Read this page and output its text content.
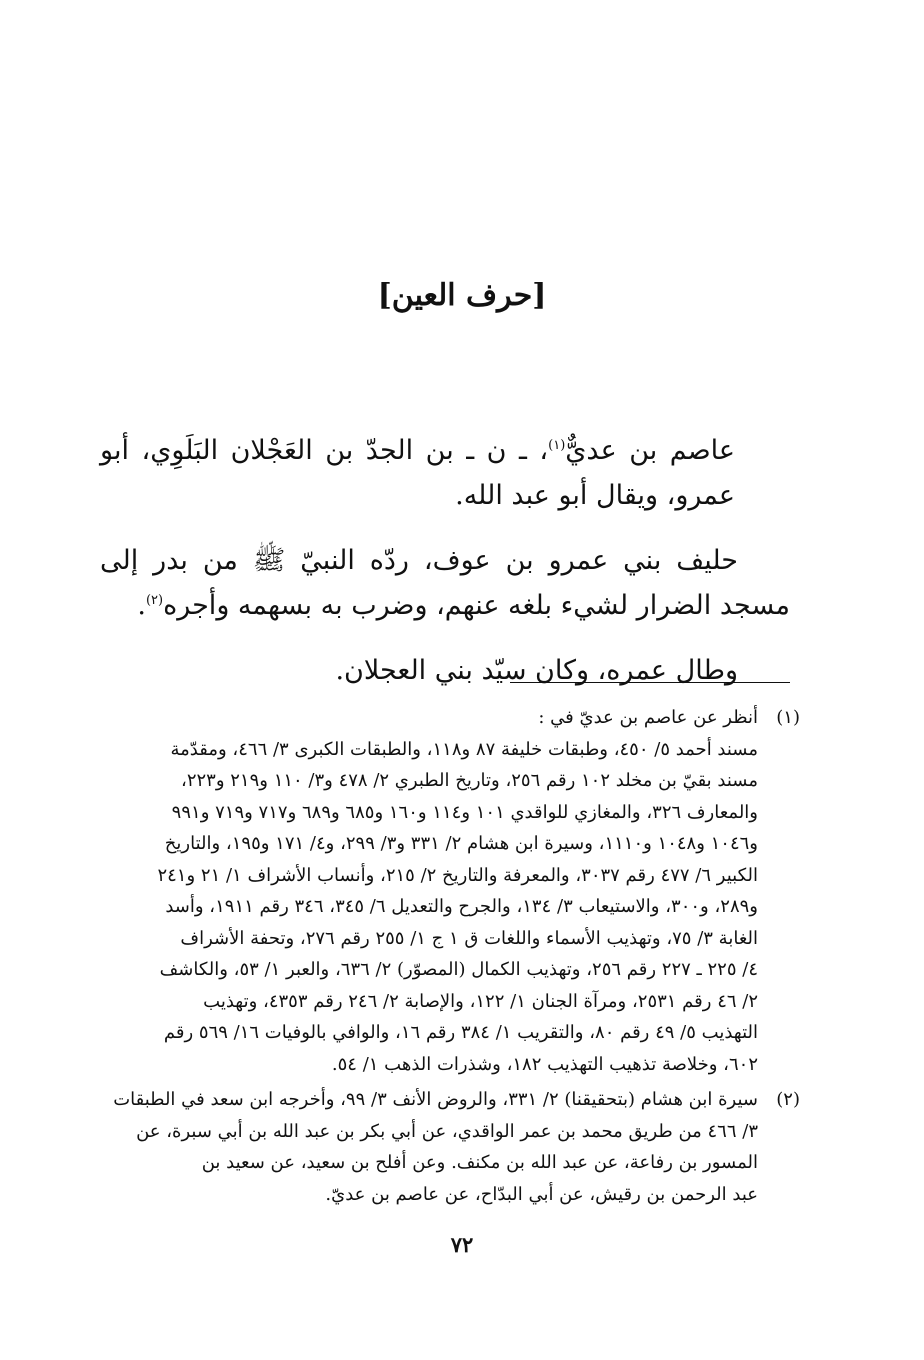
[حرف العين]

عاصم بن عديٌّ$^{(١)}$، ـ ن ـ بن الجدّ بن العَجْلان البَلَوِي، أبو عمرو، ويقال أبو عبد الله.

حليف بني عمرو بن عوف، ردّه النبيّ ﷺ من بدر إلى مسجد الضرار لشيء بلغه عنهم، وضرب به بسهمه وأجره$^{(٢)}$.

وطال عمره، وكان سيّد بني العجلان.

(١)
أنظر عن عاصم بن عديّ في :
مسند أحمد ٥/ ٤٥٠، وطبقات خليفة ٨٧ و١١٨، والطبقات الكبرى ٣/ ٤٦٦، ومقدّمة
مسند بقيّ بن مخلد ١٠٢ رقم ٢٥٦، وتاريخ الطبري ٢/ ٤٧٨ و٣/ ١١٠ و٢١٩ و٢٢٣،
والمعارف ٣٢٦، والمغازي للواقدي ١٠١ و١١٤ و١٦٠ و٦٨٥ و٦٨٩ و٧١٧ و٧١٩ و٩٩١
و١٠٤٦ و١٠٤٨ و١١١٠، وسيرة ابن هشام ٢/ ٣٣١ و٣/ ٢٩٩، و٤/ ١٧١ و١٩٥، والتاريخ
الكبير ٦/ ٤٧٧ رقم ٣٠٣٧، والمعرفة والتاريخ ٢/ ٢١٥، وأنساب الأشراف ١/ ٢١ و٢٤١
و٢٨٩، و٣٠٠، والاستيعاب ٣/ ١٣٤، والجرح والتعديل ٦/ ٣٤٥، ٣٤٦ رقم ١٩١١، وأسد
الغابة ٣/ ٧٥، وتهذيب الأسماء واللغات ق ١ ج ١/ ٢٥٥ رقم ٢٧٦، وتحفة الأشراف
٤/ ٢٢٥ ـ ٢٢٧ رقم ٢٥٦، وتهذيب الكمال (المصوّر) ٢/ ٦٣٦، والعبر ١/ ٥٣، والكاشف
٢/ ٤٦ رقم ٢٥٣١، ومرآة الجنان ١/ ١٢٢، والإصابة ٢/ ٢٤٦ رقم ٤٣٥٣، وتهذيب
التهذيب ٥/ ٤٩ رقم ٨٠، والتقريب ١/ ٣٨٤ رقم ١٦، والوافي بالوفيات ١٦/ ٥٦٩ رقم
٦٠٢، وخلاصة تذهيب التهذيب ١٨٢، وشذرات الذهب ١/ ٥٤.
(٢)
سيرة ابن هشام (بتحقيقنا) ٢/ ٣٣١، والروض الأنف ٣/ ٩٩، وأخرجه ابن سعد في الطبقات
٣/ ٤٦٦ من طريق محمد بن عمر الواقدي، عن أبي بكر بن عبد الله بن أبي سبرة، عن
المسور بن رفاعة، عن عبد الله بن مكنف. وعن أفلح بن سعيد، عن سعيد بن
عبد الرحمن بن رقيش، عن أبي البدّاح، عن عاصم بن عديّ.
٧٢
